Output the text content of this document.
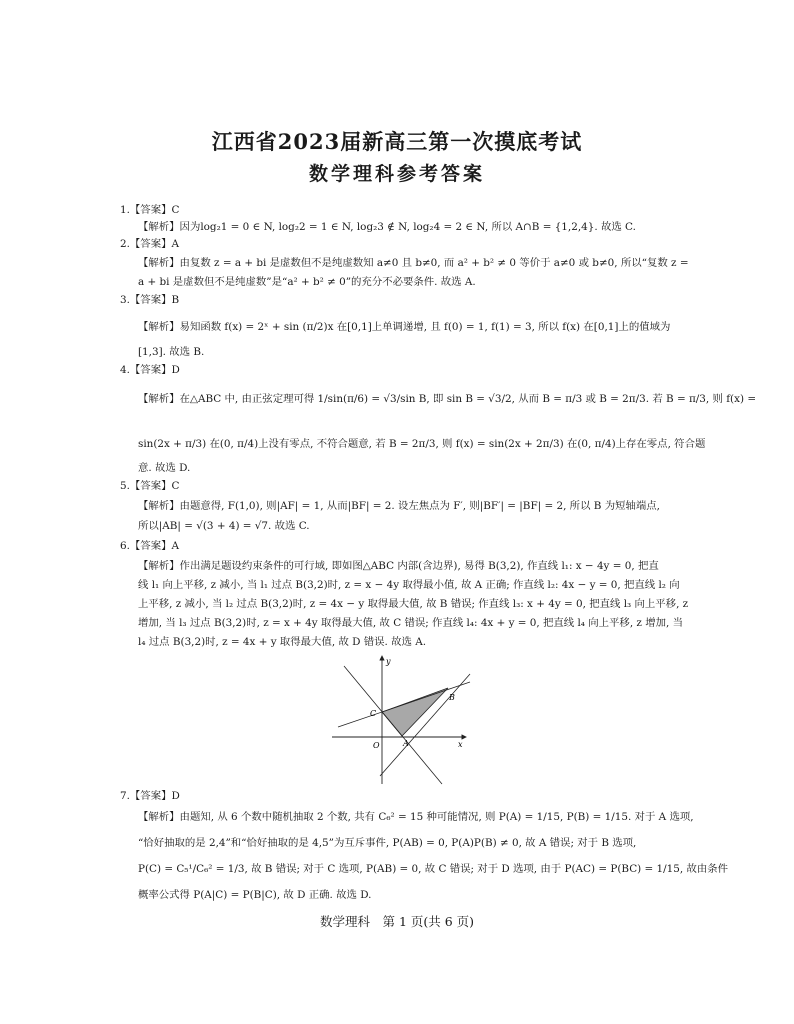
江西省2023届新高三第一次摸底考试
数学理科参考答案
1.【答案】C
【解析】因为log₂1 = 0 ∈ N, log₂2 = 1 ∈ N, log₂3 ∉ N, log₂4 = 2 ∈ N, 所以 A∩B = {1,2,4}. 故选 C.
2.【答案】A
【解析】由复数 z = a + bi 是虚数但不是纯虚数知 a≠0 且 b≠0, 而 a² + b² ≠ 0 等价于 a≠0 或 b≠0, 所以“复数 z =
a + bi 是虚数但不是纯虚数”是“a² + b² ≠ 0”的充分不必要条件. 故选 A.
3.【答案】B
【解析】易知函数 f(x) = 2ˣ + sin (π/2)x 在[0,1]上单调递增, 且 f(0) = 1, f(1) = 3, 所以 f(x) 在[0,1]上的值域为
[1,3]. 故选 B.
4.【答案】D
【解析】在△ABC 中, 由正弦定理可得 1/sin(π/6) = √3/sin B, 即 sin B = √3/2, 从而 B = π/3 或 B = 2π/3. 若 B = π/3, 则 f(x) =
sin(2x + π/3) 在(0, π/4)上没有零点, 不符合题意, 若 B = 2π/3, 则 f(x) = sin(2x + 2π/3) 在(0, π/4)上存在零点, 符合题
意. 故选 D.
5.【答案】C
【解析】由题意得, F(1,0), 则|AF| = 1, 从而|BF| = 2. 设左焦点为 F′, 则|BF′| = |BF| = 2, 所以 B 为短轴端点,
所以|AB| = √(3 + 4) = √7. 故选 C.
6.【答案】A
【解析】作出满足题设约束条件的可行域, 即如图△ABC 内部(含边界), 易得 B(3,2), 作直线 l₁: x − 4y = 0, 把直
线 l₁ 向上平移, z 减小, 当 l₁ 过点 B(3,2)时, z = x − 4y 取得最小值, 故 A 正确; 作直线 l₂: 4x − y = 0, 把直线 l₂ 向
上平移, z 减小, 当 l₂ 过点 B(3,2)时, z = 4x − y 取得最大值, 故 B 错误; 作直线 l₃: x + 4y = 0, 把直线 l₃ 向上平移, z
增加, 当 l₃ 过点 B(3,2)时, z = x + 4y 取得最大值, 故 C 错误; 作直线 l₄: 4x + y = 0, 把直线 l₄ 向上平移, z 增加, 当
l₄ 过点 B(3,2)时, z = 4x + y 取得最大值, 故 D 错误. 故选 A.
y
x
O	A
B
C
7.【答案】D
【解析】由题知, 从 6 个数中随机抽取 2 个数, 共有 C₆² = 15 种可能情况, 则 P(A) = 1/15, P(B) = 1/15. 对于 A 选项,
“恰好抽取的是 2,4”和“恰好抽取的是 4,5”为互斥事件, P(AB) = 0, P(A)P(B) ≠ 0, 故 A 错误; 对于 B 选项,
P(C) = C₅¹/C₆² = 1/3, 故 B 错误; 对于 C 选项, P(AB) = 0, 故 C 错误; 对于 D 选项, 由于 P(AC) = P(BC) = 1/15, 故由条件
概率公式得 P(A|C) = P(B|C), 故 D 正确. 故选 D.
数学理科　第 1 页(共 6 页)
